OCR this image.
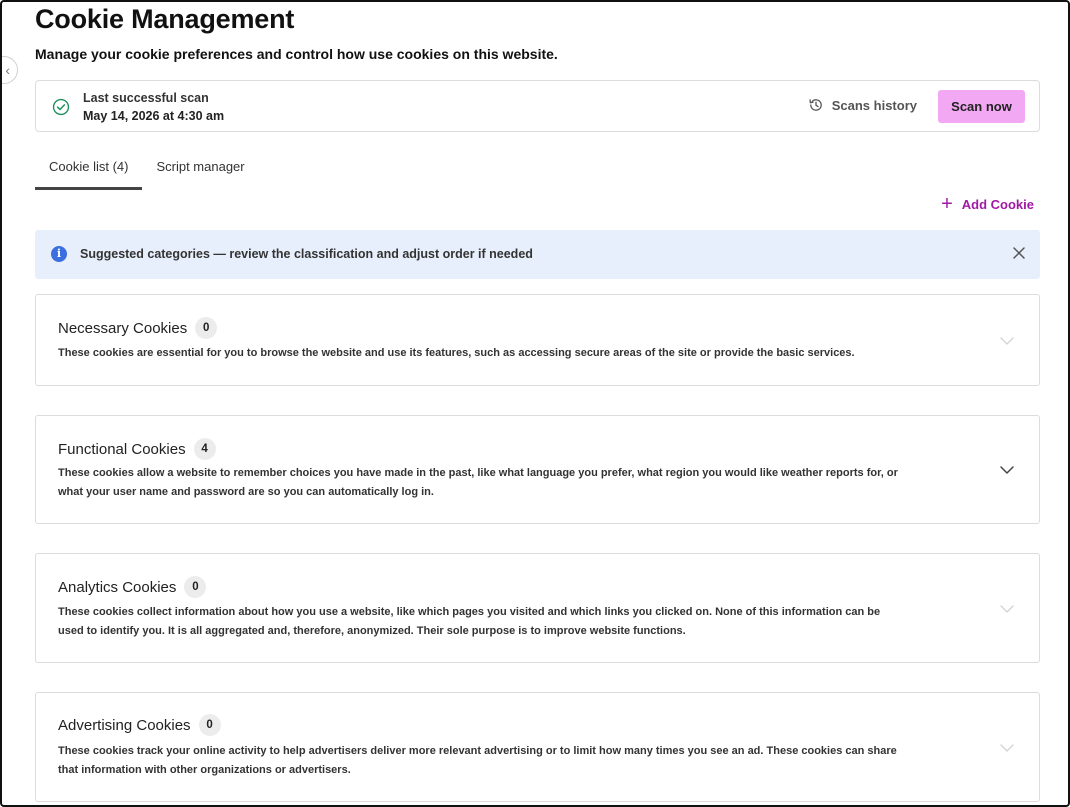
‹
Cookie Management

Manage your cookie preferences and control how use cookies on this website.

Last successful scan
May 14, 2026 at 4:30 am
Scans history	Scan now
Cookie list (4)	Script manager
+ Add Cookie
i	Suggested categories — review the classification and adjust order if needed
Necessary Cookies	0
These cookies are essential for you to browse the website and use its features, such as accessing secure areas of the site or provide the basic services.
Functional Cookies	4
These cookies allow a website to remember choices you have made in the past, like what language you prefer, what region you would like weather reports for, or what your user name and password are so you can automatically log in.
Analytics Cookies	0
These cookies collect information about how you use a website, like which pages you visited and which links you clicked on. None of this information can be used to identify you. It is all aggregated and, therefore, anonymized. Their sole purpose is to improve website functions.
Advertising Cookies	0
These cookies track your online activity to help advertisers deliver more relevant advertising or to limit how many times you see an ad. These cookies can share that information with other organizations or advertisers.
